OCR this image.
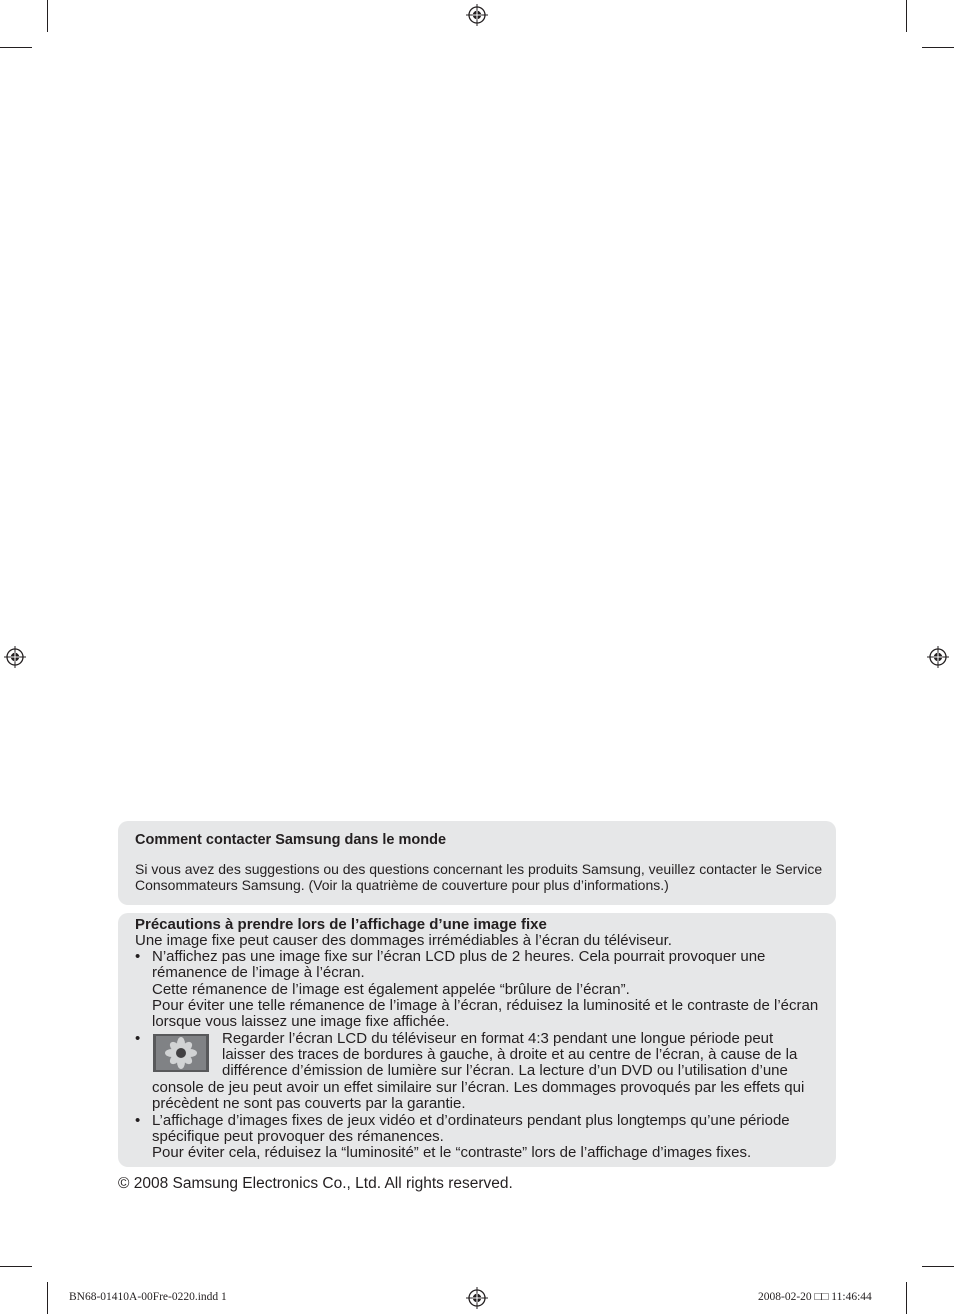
Comment contacter Samsung dans le monde
Si vous avez des suggestions ou des questions concernant les produits Samsung, veuillez contacter le Service Consommateurs Samsung. (Voir la quatrième de couverture pour plus d’informations.)
Précautions à prendre lors de l’affichage d’une image fixe
Une image fixe peut causer des dommages irrémédiables à l’écran du téléviseur.
• N’affichez pas une image fixe sur l’écran LCD plus de 2 heures. Cela pourrait provoquer une rémanence de l’image à l’écran.
Cette rémanence de l’image est également appelée “brûlure de l’écran”.
Pour éviter une telle rémanence de l’image à l’écran, réduisez la luminosité et le contraste de l’écran lorsque vous laissez une image fixe affichée.
•	Regarder l’écran LCD du téléviseur en format 4:3 pendant une longue période peut
laisser des traces de bordures à gauche, à droite et au centre de l’écran, à cause de la
différence d’émission de lumière sur l’écran. La lecture d’un DVD ou l’utilisation d’une
console de jeu peut avoir un effet similaire sur l’écran. Les dommages provoqués par les effets qui précèdent ne sont pas couverts par la garantie.
• L’affichage d’images fixes de jeux vidéo et d’ordinateurs pendant plus longtemps qu’une période spécifique peut provoquer des rémanences.
Pour éviter cela, réduisez la “luminosité” et le “contraste” lors de l’affichage d’images fixes.
© 2008 Samsung Electronics Co., Ltd. All rights reserved.
BN68-01410A-00Fre-0220.indd 1	2008-02-20 □□ 11:46:44
